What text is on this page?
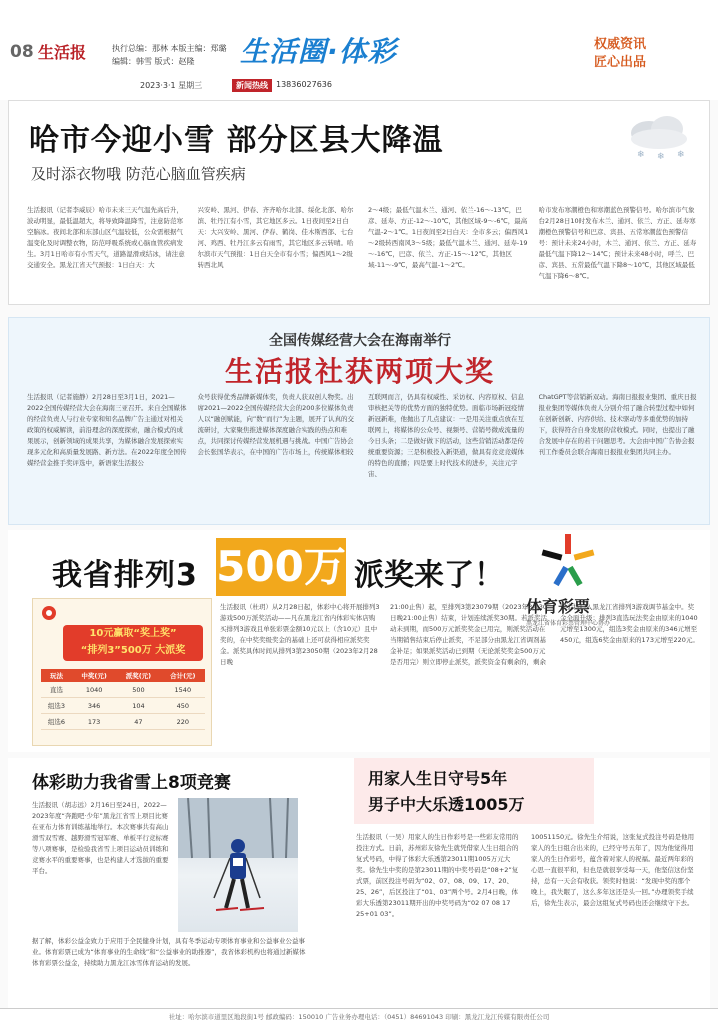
08 生活报	执行总编：那林 本版主编：郑璐
编辑：韩雪 版式：赵隆	生活圈·体彩	权威资讯
匠心出品
2023·3·1 星期三	新闻热线	13836027636
哈市今迎小雪 部分区县大降温
及时添衣物哦 防范心脑血管疾病
❄ ❄ ❄
生活报讯（记者李威辰）哈市未来三天气温先高后升，波动明显，最低温超大，将导致降温降雪，注意防范寒空脑冰。夜间北部和东部山区气温较低，公众需根据气温变化及时调整衣物，防范呼吸系统或心脑血管疾病发生。3月1日哈市有小雪天气，道路湿滑或结冰，请注意交通安全。黑龙江省天气预报：1日白天：大
兴安岭、黑河、伊春、齐齐哈尔北部、绥化北部、哈尔滨、牡丹江有小雪，其它地区多云。1日夜间至2日白天：大兴安岭、黑河、伊春、鹤岗、佳木斯西部、七台河、鸡西、牡丹江多云有雨雪，其它地区多云转晴。哈尔滨市天气预报：1日白天全市有小雪；偏西风1～2级转西北风
2～4级；最低气温木兰、通河、依兰-16～-13℃，巴彦、延寿、方正-12～-10℃，其他区域-9～-6℃，最高气温-2～1℃。1日夜间至2日白天：全市多云；偏西风1～2级转西南风3～5级；最低气温木兰、通河、延寿-19～-16℃，巴彦、依兰、方正-15～-12℃，其他区域-11～-9℃，最高气温-1～2℃。
哈市发布寒潮橙色和寒潮蓝色预警信号。哈尔滨市气象台2月28日10时发布木兰、通河、依兰、方正、延寿寒潮橙色预警信号和巴彦、宾县、五常寒潮蓝色预警信号：预计未来24小时，木兰、通河、依兰、方正、延寿最低气温下降12～14℃；预计未来48小时，呼兰、巴彦、宾县、五常最低气温下降8～10℃，其他区域最低气温下降6～8℃。
全国传媒经营大会在海南举行
生活报社获两项大奖
生活报讯（记者施静）2月28日至3月1日，2021—2022全国传媒经营大会在海南三亚召开。来自全国媒体的经营负责人与行业专家和知名品牌广告主通过对相关政策的权威解读，前沿理念的深度探索，融合模式的成果展示，创新领域的成果共享，为媒体融合发展探索实现多元化和高质量发展路、新方法。在2022年度全国传媒经营金推手奖评选中，新语家生活报公
众号获得优秀品牌新媒体奖，负责人获双创人物奖。出席2021—2022全国传媒经营大会的200多位媒体负责人以“融创赋能，向”数“而行”为主题，展开了认真的交流研讨，大家聚焦推进媒体深度融合实践的热点和难点，共同探讨传媒经营发展机遇与挑战。中国广告协会会长张国华表示，在中国的广告市场上，传统媒体相较
互联网而言，仍具有权威性、采访权、内容原权、信息审核把关等的优势方面的独特优势。面临市场新冠疫情新冠新难，他抛出了几点建议：一是用关注重点放在互联网上，将媒体的公众号、视频号、营销号微成流量的今日头条；二是做好做下的活动，这些营销活动都是传统重要资源；三是积极投入新渠道，做具有竞竞竞媒体的特色的直播；四是要上时代技术的进步，关注元宇宙、
ChatGPT等营销新双动。海南日报报业集团、重庆日报报业集团等媒体负责人分别介绍了融合转型过程中如何在创新创新、内容供给、技术驱动等多重优势的加持下，获得符合自身发展的营收模式。同时，也提出了融合发展中存在的若干问题思考。大会由中国广告协会报刊工作委员会联合海南日报报业集团共同主办。
我省排列3 500万 派奖来了！
体育彩票
黑龙江省体育彩票管理中心协办
10元赢取“奖上奖”
“排列3”500万 大派奖
玩法	中奖(元)	派奖(元)	合计(元)
直选	1040	500	1540
组选3	346	104	450
组选6	173	47	220
生活报讯（杜玥）从2月28日起，体彩中心将开展排列3游戏500万派奖活动——凡在黑龙江省内体彩实体店购买排列3游戏且单张彩票金额10元以上（含10元）且中奖的，在中奖奖级奖金的基础上还可获得相应派奖奖金。派奖具体时间从排列3第23050期（2023年2月28日晚
21:00止售）起，至排列3第23079期（2023年3月30日晚21:00止售）结束，计划连续派奖30期。若派奖活动未到期，而500万元派奖奖金已用完，则派奖活动在当期销售结束后停止派奖，不足部分由黑龙江省调剂基金补足；如果派奖活动已到期（无论派奖奖金500万元是否用完）则立即停止派奖，派奖资金有剩余的，剩余
资金将归入黑龙江省排列3游戏调节基金中。奖金全面升级：排列3直选玩法奖金由原来的1040元增至1300元，组选3奖金由原来的346元增至450元，组选6奖金由原来的173元增至220元。
体彩助力我省雪上8项竞赛
生活报讯（胡志远）2月16日至24日，2022—2023年度“奔跑吧·少年”黑龙江省雪上项目比赛在亚布力体育训练基地举行。本次赛事共有高山滑雪双雪赛、越野滑雪冠军赛、单板平行竞标赛等八项赛事，是检验我省雪上项目运动员训练和竞赛水平的重要赛事，也是构建人才选拔的重要平台。
据了解，体彩公益金致力于应用于全民健身计划，具有冬季运动专项体育事业和公益事业公益事业。体育彩票已成为“体育事业的生命线”和“公益事业的助推器”，我省体彩机构也将通过新媒体体育彩票公益金，持续助力黑龙江冰雪体育运动的发展。
用家人生日守号5年
男子中大乐透1005万
生活报讯（一吴）用家人的生日作彩号是一些彩友常用的投注方式。日前，苏州彩友徐先生就凭借家人生日组合的复式号码，中得了体彩大乐透第23011期1005万元大奖。徐先生中奖的是第23011期的中奖号码是“08+2”复式票，前区投注号码为“02、07、08、09、17、20、25、26”，后区投注了“01、03”两个号。2月4日晚，体彩大乐透第23011期开出的中奖号码为“02 07 08 17 25+01 03”。
10051150元。徐先生介绍说，这张复式投注号码是他用家人的生日组合出来的，已经守号五年了，因为他觉得用家人的生日作彩号，蕴含着对家人的祝福。最近两年彩的心思一直很平和，但也是就很享受每一天，他坚信这份坚持，总有一天会有收获。领奖时他说：“发现中奖的那个晚上，我失眠了，这么多年这还是头一回。”办理领奖手续后，徐先生表示，最会这组复式号码也还会继续守下去。
社址：哈尔滨市道里区地段街1号 邮政编码：150010 广告业务办理电话：（0451）84691043 印刷：黑龙江龙江传媒有限责任公司
